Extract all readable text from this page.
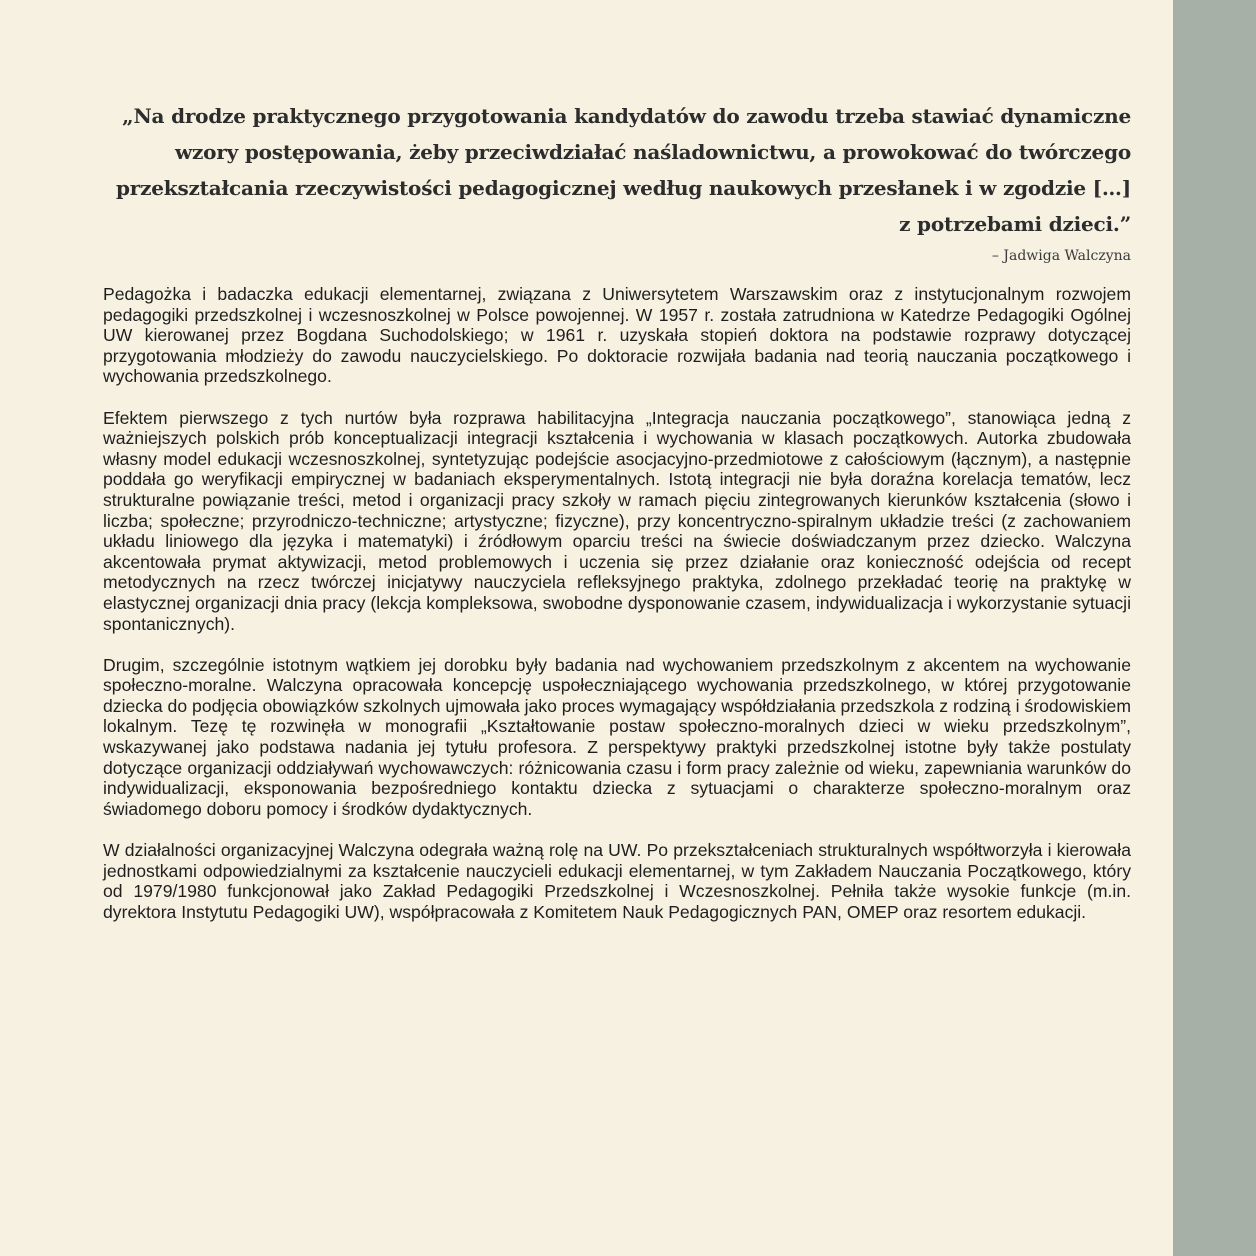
„Na drodze praktycznego przygotowania kandydatów do zawodu trzeba stawiać dynamiczne wzory postępowania, żeby przeciwdziałać naśladownictwu, a prowokować do twórczego przekształcania rzeczywistości pedagogicznej według naukowych przesłanek i w zgodzie […] z potrzebami dzieci.”

– Jadwiga Walczyna

Pedagożka i badaczka edukacji elementarnej, związana z Uniwersytetem Warszawskim oraz z instytucjonalnym rozwojem pedagogiki przedszkolnej i wczesnoszkolnej w Polsce powojennej. W 1957 r. została zatrudniona w Katedrze Pedagogiki Ogólnej UW kierowanej przez Bogdana Suchodolskiego; w 1961 r. uzyskała stopień doktora na podstawie rozprawy dotyczącej przygotowania młodzieży do zawodu nauczycielskiego. Po doktoracie rozwijała badania nad teorią nauczania początkowego i wychowania przedszkolnego.

Efektem pierwszego z tych nurtów była rozprawa habilitacyjna „Integracja nauczania początkowego”, stanowiąca jedną z ważniejszych polskich prób konceptualizacji integracji kształcenia i wychowania w klasach początkowych. Autorka zbudowała własny model edukacji wczesnoszkolnej, syntetyzując podejście asocjacyjno-przedmiotowe z całościowym (łącznym), a następnie poddała go weryfikacji empirycznej w badaniach eksperymentalnych. Istotą integracji nie była doraźna korelacja tematów, lecz strukturalne powiązanie treści, metod i organizacji pracy szkoły w ramach pięciu zintegrowanych kierunków kształcenia (słowo i liczba; społeczne; przyrodniczo-techniczne; artystyczne; fizyczne), przy koncentryczno-spiralnym układzie treści (z zachowaniem układu liniowego dla języka i matematyki) i źródłowym oparciu treści na świecie doświadczanym przez dziecko. Walczyna akcentowała prymat aktywizacji, metod problemowych i uczenia się przez działanie oraz konieczność odejścia od recept metodycznych na rzecz twórczej inicjatywy nauczyciela refleksyjnego praktyka, zdolnego przekładać teorię na praktykę w elastycznej organizacji dnia pracy (lekcja kompleksowa, swobodne dysponowanie czasem, indywidualizacja i wykorzystanie sytuacji spontanicznych).

Drugim, szczególnie istotnym wątkiem jej dorobku były badania nad wychowaniem przedszkolnym z akcentem na wychowanie społeczno-moralne. Walczyna opracowała koncepcję uspołeczniającego wychowania przedszkolnego, w której przygotowanie dziecka do podjęcia obowiązków szkolnych ujmowała jako proces wymagający współdziałania przedszkola z rodziną i środowiskiem lokalnym. Tezę tę rozwinęła w monografii „Kształtowanie postaw społeczno-moralnych dzieci w wieku przedszkolnym”, wskazywanej jako podstawa nadania jej tytułu profesora. Z perspektywy praktyki przedszkolnej istotne były także postulaty dotyczące organizacji oddziaływań wychowawczych: różnicowania czasu i form pracy zależnie od wieku, zapewniania warunków do indywidualizacji, eksponowania bezpośredniego kontaktu dziecka z sytuacjami o charakterze społeczno-moralnym oraz świadomego doboru pomocy i środków dydaktycznych.

W działalności organizacyjnej Walczyna odegrała ważną rolę na UW. Po przekształceniach strukturalnych współtworzyła i kierowała jednostkami odpowiedzialnymi za kształcenie nauczycieli edukacji elementarnej, w tym Zakładem Nauczania Początkowego, który od 1979/1980 funkcjonował jako Zakład Pedagogiki Przedszkolnej i Wczesnoszkolnej. Pełniła także wysokie funkcje (m.in. dyrektora Instytutu Pedagogiki UW), współpracowała z Komitetem Nauk Pedagogicznych PAN, OMEP oraz resortem edukacji.
